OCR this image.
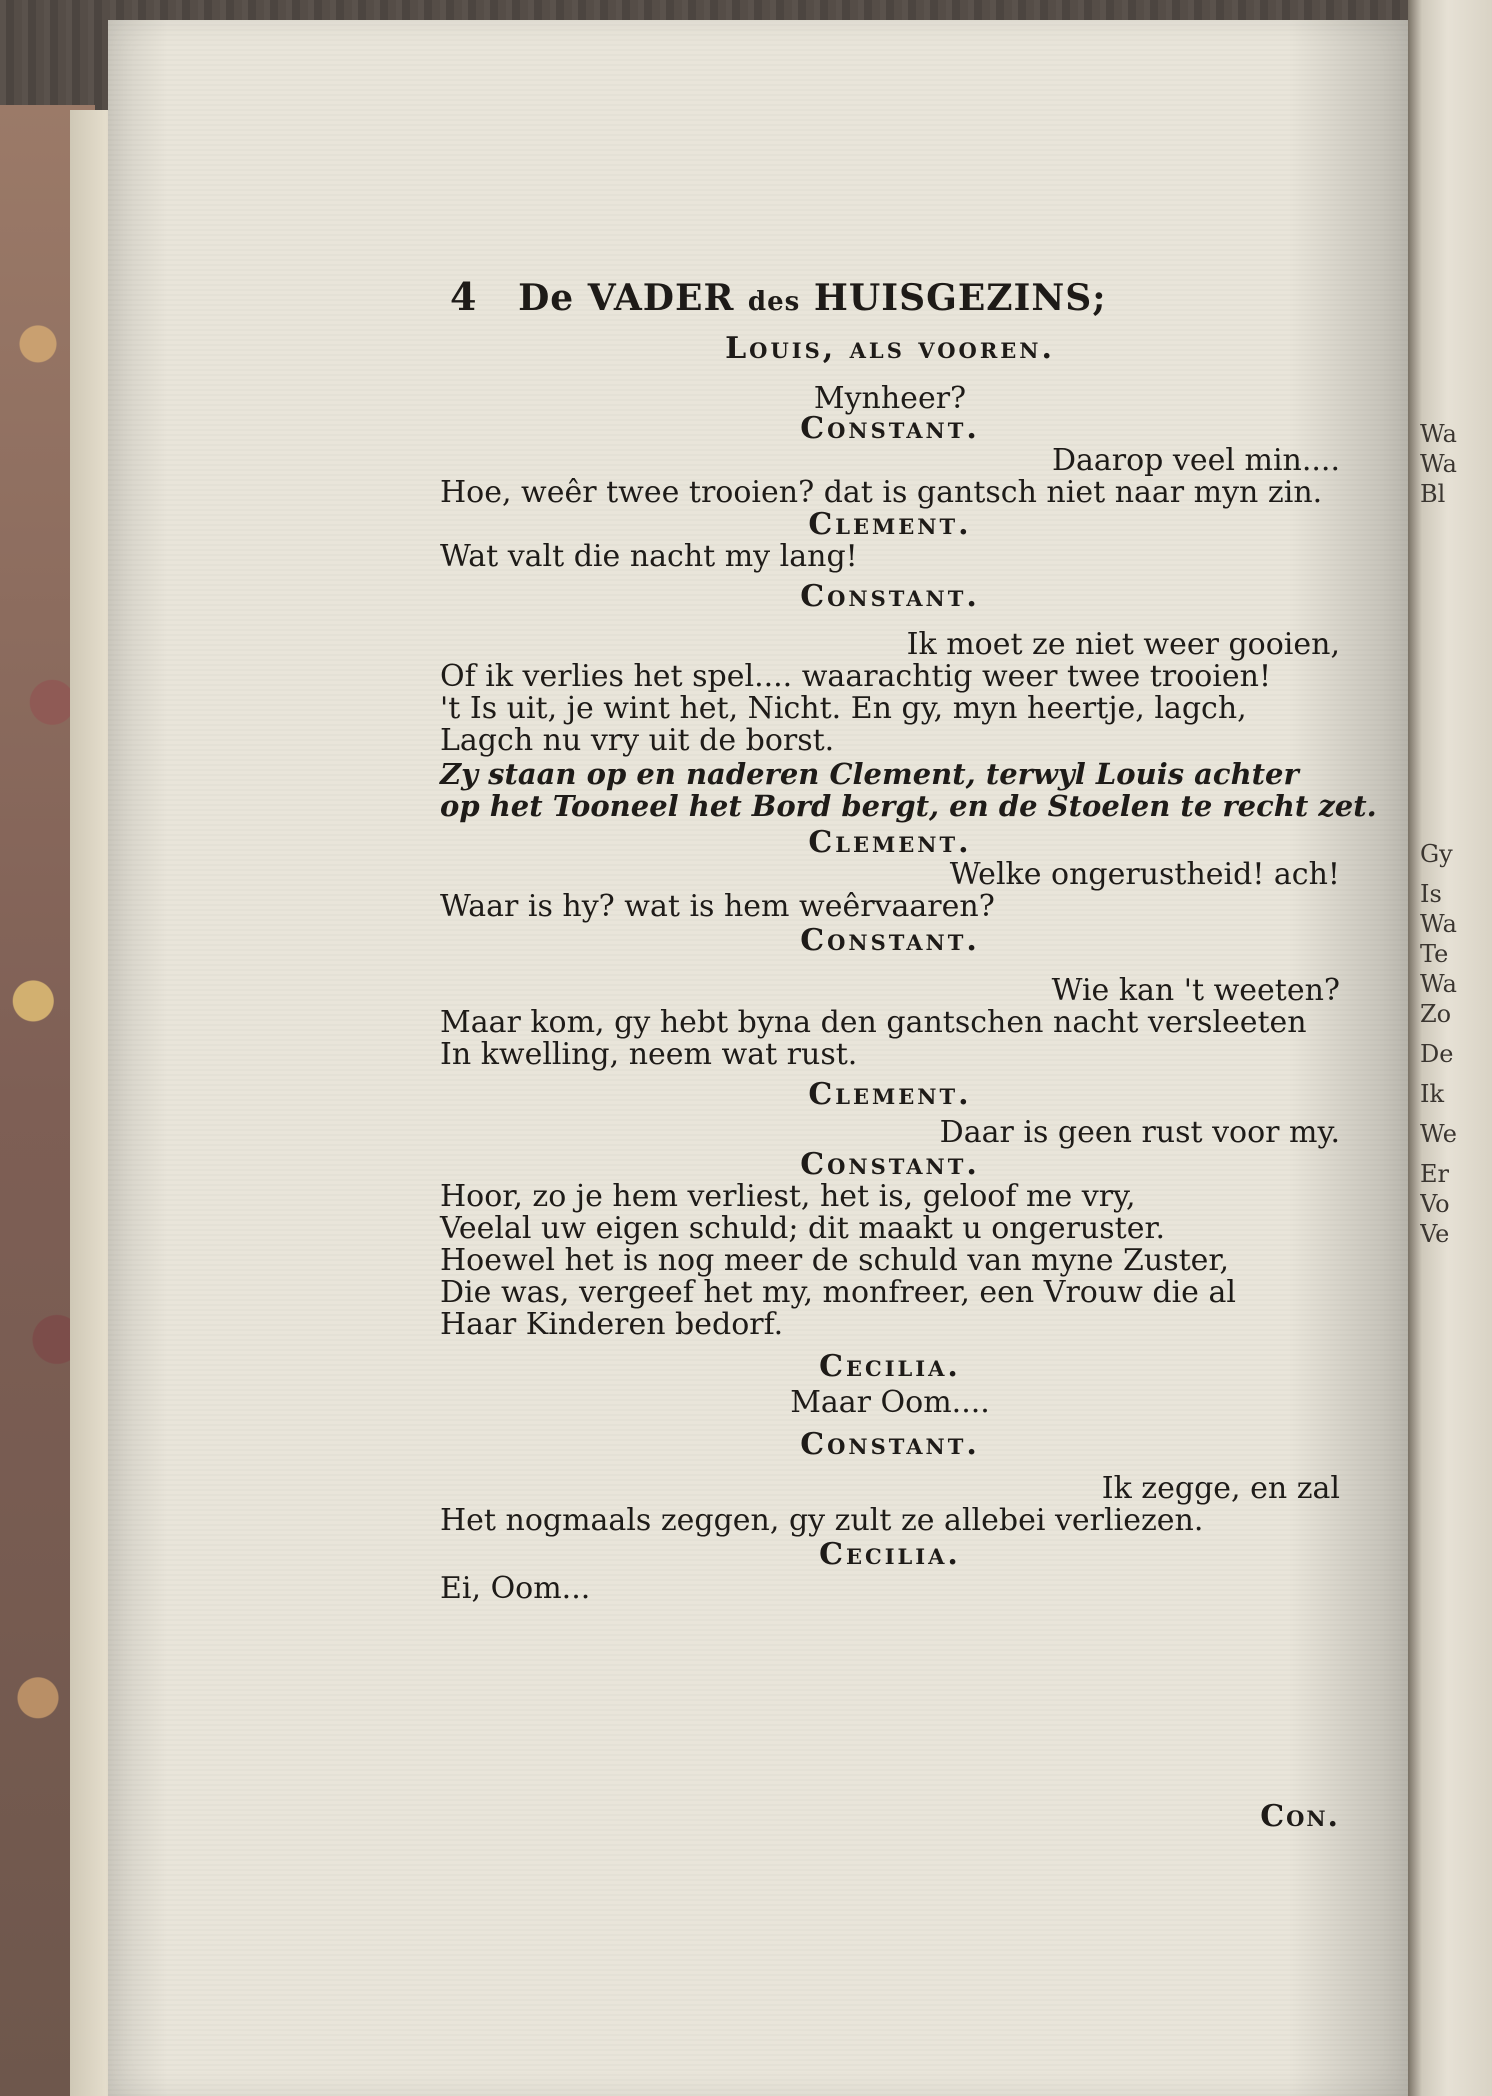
Wa
Wa
Bl
Gy
Is
Wa
Te
Wa
Zo
De
Ik
We
Er
Vo
Ve
4 De VADER des HUISGEZINS;
Louis, als vooren.
Mynheer?
Constant.
Daarop veel min....
Hoe, weêr twee trooien? dat is gantsch niet naar myn zin.
Clement.
Wat valt die nacht my lang!
Constant.
Ik moet ze niet weer gooien,
Of ik verlies het spel.... waarachtig weer twee trooien!
't Is uit, je wint het, Nicht. En gy, myn heertje, lagch,
Lagch nu vry uit de borst.
Zy staan op en naderen Clement, terwyl Louis achter
op het Tooneel het Bord bergt, en de Stoelen te recht zet.
Clement.
Welke ongerustheid! ach!
Waar is hy? wat is hem weêrvaaren?
Constant.
Wie kan 't weeten?
Maar kom, gy hebt byna den gantschen nacht versleeten
In kwelling, neem wat rust.
Clement.
Daar is geen rust voor my.
Constant.
Hoor, zo je hem verliest, het is, geloof me vry,
Veelal uw eigen schuld; dit maakt u ongeruster.
Hoewel het is nog meer de schuld van myne Zuster,
Die was, vergeef het my, monfreer, een Vrouw die al
Haar Kinderen bedorf.
Cecilia.
Maar Oom....
Constant.
Ik zegge, en zal
Het nogmaals zeggen, gy zult ze allebei verliezen.
Cecilia.
Ei, Oom...
Con.
